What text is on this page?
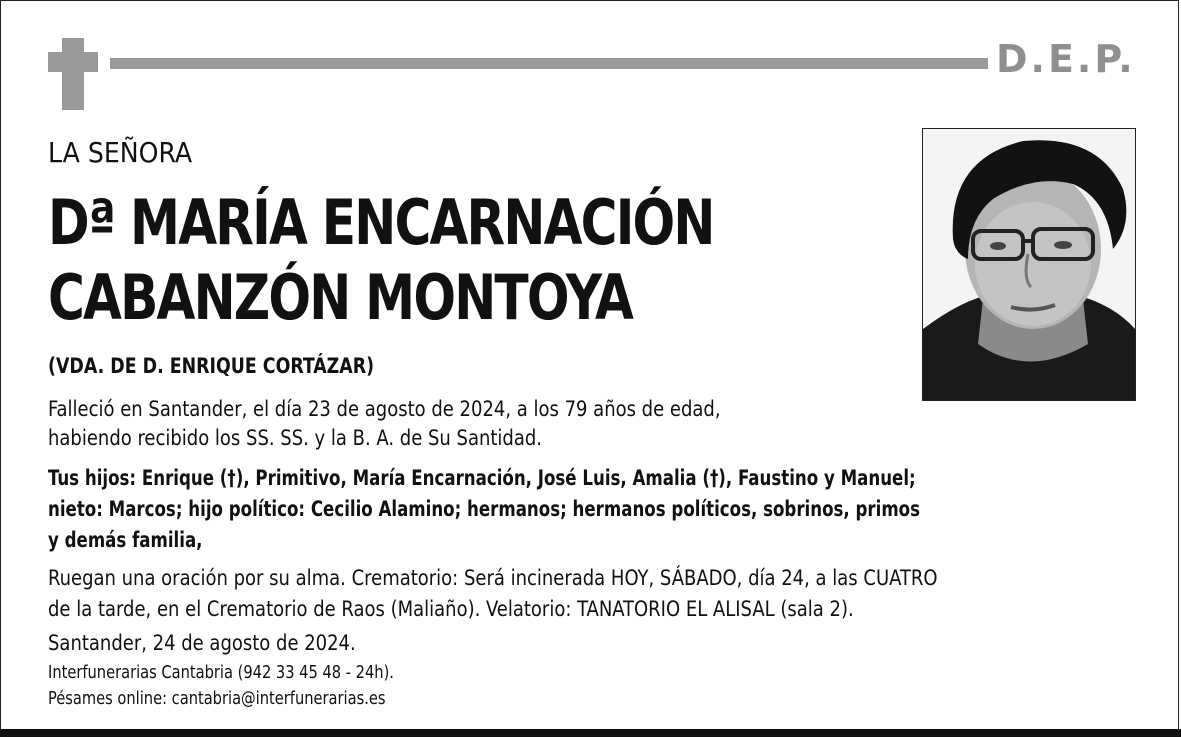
D.E.P.
LA SEÑORA
Dª MARÍA ENCARNACIÓN
CABANZÓN MONTOYA
(VDA. DE D. ENRIQUE CORTÁZAR)
Falleció en Santander, el día 23 de agosto de 2024, a los 79 años de edad,
habiendo recibido los SS. SS. y la B. A. de Su Santidad.
Tus hijos: Enrique (†), Primitivo, María Encarnación, José Luis, Amalia (†), Faustino y Manuel;
nieto: Marcos; hijo político: Cecilio Alamino; hermanos; hermanos políticos, sobrinos, primos
y demás familia,
Ruegan una oración por su alma. Crematorio: Será incinerada HOY, SÁBADO, día 24, a las CUATRO
de la tarde, en el Crematorio de Raos (Maliaño). Velatorio: TANATORIO EL ALISAL (sala 2).
Santander, 24 de agosto de 2024.
Interfunerarias Cantabria (942 33 45 48 - 24h).
Pésames online: cantabria@interfunerarias.es
